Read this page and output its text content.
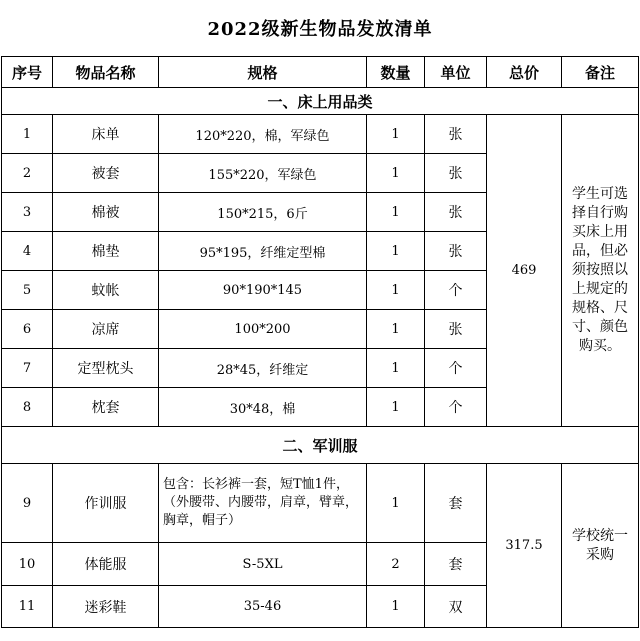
2022级新生物品发放清单
序号	物品名称	规格	数量	单位	总价	备注
一、床上用品类						
1	床单	120*220，棉，军绿色	1	张	469	学生可选择自行购买床上用品，但必须按照以上规定的规格、尺寸、颜色购买。
2	被套	155*220，军绿色	1	张		
3	棉被	150*215，6斤	1	张		
4	棉垫	95*195，纤维定型棉	1	张		
5	蚊帐	90*190*145	1	个		
6	凉席	100*200	1	张		
7	定型枕头	28*45，纤维定	1	个		
8	枕套	30*48，棉	1	个		
二、军训服						
9	作训服	包含：长衫裤一套，短T恤1件，（外腰带、内腰带，肩章，臂章，胸章，帽子）	1	套	317.5	学校统一采购
10	体能服	S-5XL	2	套		
11	迷彩鞋	35-46	1	双		
